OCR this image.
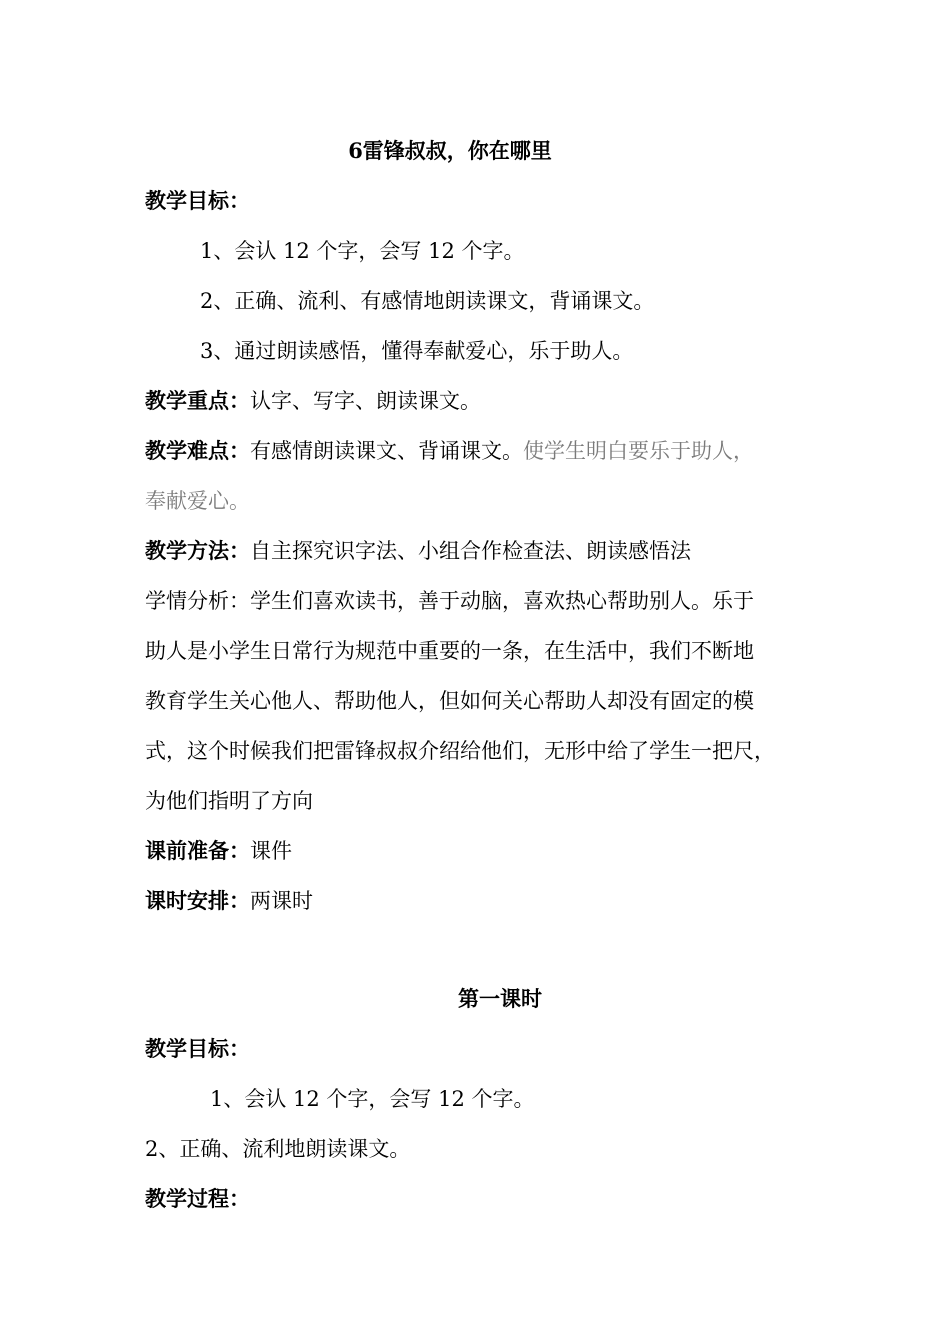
6雷锋叔叔，你在哪里
教学目标：
1、会认 12 个字，会写 12 个字。
2、正确、流利、有感情地朗读课文，背诵课文。
3、通过朗读感悟，懂得奉献爱心，乐于助人。
教学重点：认字、写字、朗读课文。
教学难点：有感情朗读课文、背诵课文。使学生明白要乐于助人，
奉献爱心。
教学方法：自主探究识字法、小组合作检查法、朗读感悟法
学情分析：学生们喜欢读书，善于动脑，喜欢热心帮助别人。乐于
助人是小学生日常行为规范中重要的一条，在生活中，我们不断地
教育学生关心他人、帮助他人，但如何关心帮助人却没有固定的模
式，这个时候我们把雷锋叔叔介绍给他们，无形中给了学生一把尺，
为他们指明了方向
课前准备：课件
课时安排：两课时
第一课时
教学目标：
1、会认 12 个字，会写 12 个字。
2、正确、流利地朗读课文。
教学过程：
